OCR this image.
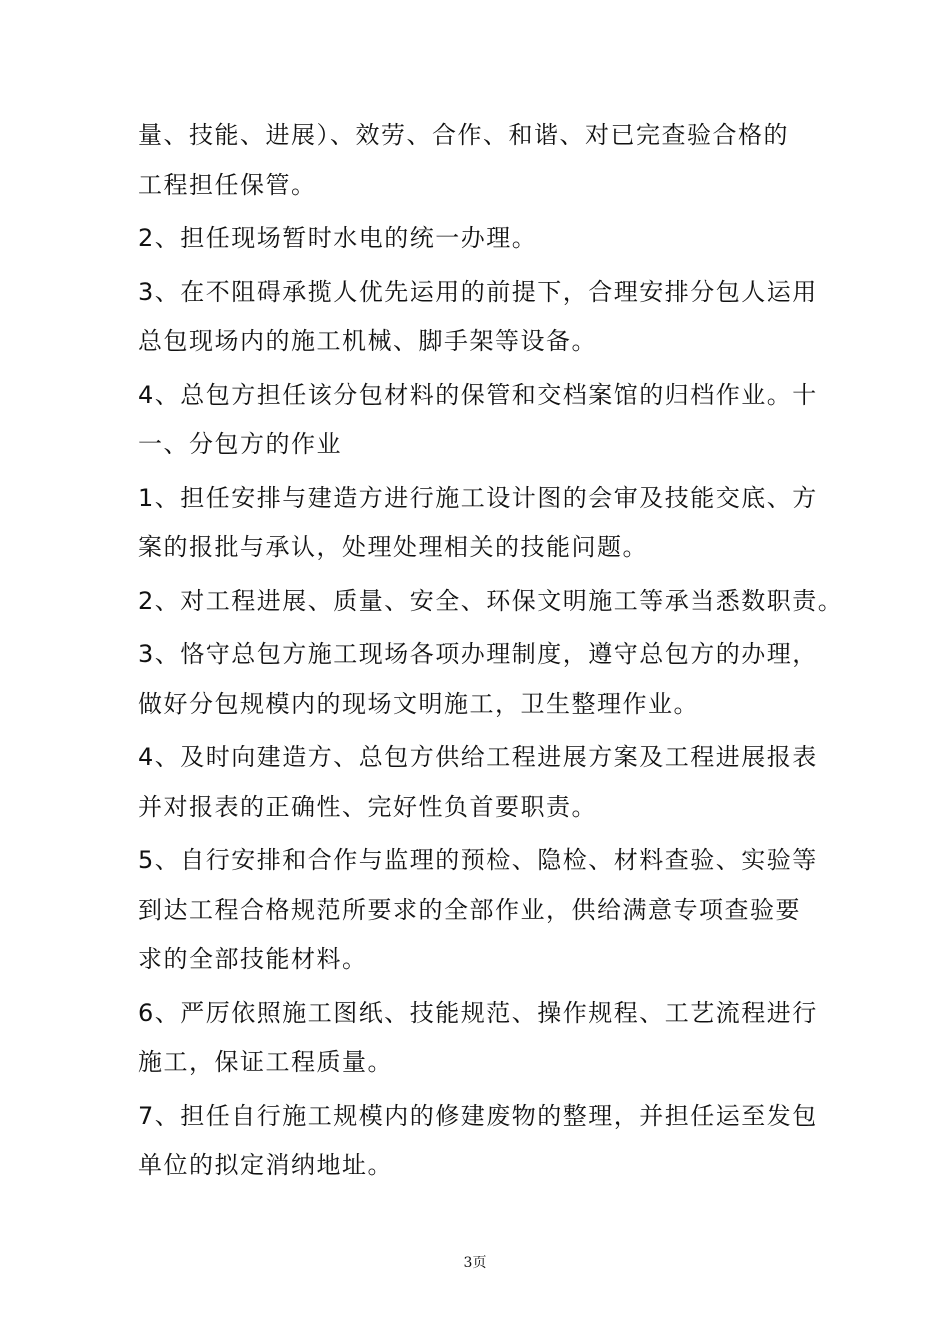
量、技能、进展）、效劳、合作、和谐、对已完查验合格的
工程担任保管。
2、担任现场暂时水电的统一办理。
3、在不阻碍承揽人优先运用的前提下，合理安排分包人运用
总包现场内的施工机械、脚手架等设备。
4、总包方担任该分包材料的保管和交档案馆的归档作业。十
一、分包方的作业
1、担任安排与建造方进行施工设计图的会审及技能交底、方
案的报批与承认，处理处理相关的技能问题。
2、对工程进展、质量、安全、环保文明施工等承当悉数职责。
3、恪守总包方施工现场各项办理制度，遵守总包方的办理，
做好分包规模内的现场文明施工，卫生整理作业。
4、及时向建造方、总包方供给工程进展方案及工程进展报表
并对报表的正确性、完好性负首要职责。
5、自行安排和合作与监理的预检、隐检、材料查验、实验等
到达工程合格规范所要求的全部作业，供给满意专项查验要
求的全部技能材料。
6、严厉依照施工图纸、技能规范、操作规程、工艺流程进行
施工，保证工程质量。
7、担任自行施工规模内的修建废物的整理，并担任运至发包
单位的拟定消纳地址。
3页
